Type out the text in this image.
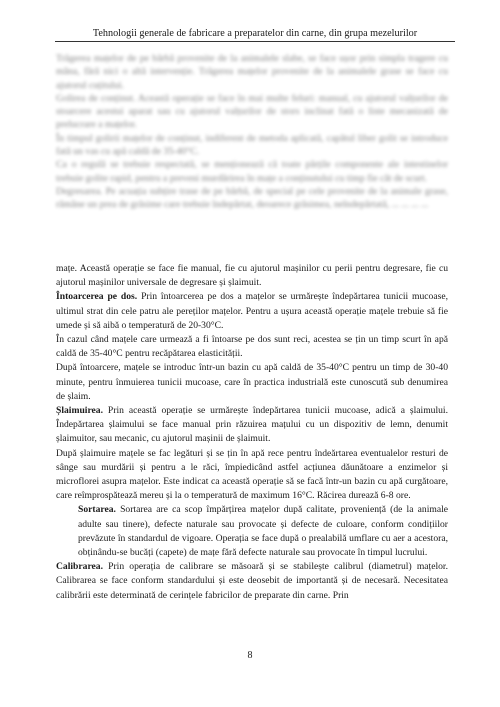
Tehnologii generale de fabricare a preparatelor din carne, din grupa mezelurilor

Trăgerea mațelor de pe bărbă provenite de la animalele slabe, se face ușor prin simpla tragere cu mâna, fără nici o altă intervenție. Trăgerea mațelor provenite de la animalele grase se face cu ajutorul cuțitului.

Golirea de conținut. Această operație se face în mai multe feluri: manual, cu ajutorul valțurilor de stoarcere acestui aparat sau cu ajutorul valțurilor de stors inclinat fată o liste mecanizată de prelucrare a mațelor.

În timpul golirii mațelor de conținut, indiferent de metoda aplicată, capătul liber golit se introduce fată un vas cu apă caldă de 35-40°C.

Ca o regulă se trebuie respectată, se menționează că toate părțile componente ale intestinelor trebuie golite rapid, pentru a preveni murdărirea în mațe a conținutului cu timp fie cât de scurt.

Degresarea. Pe acuația subțire trase de pe bărbă, de special pe cele provenite de la animale grase, rămâne un prea de grăsime care trebuie îndepărtat, deoarece grăsimea, neîndepărtată, ... ... ... ...

mațe. Această operație se face fie manual, fie cu ajutorul mașinilor cu perii pentru degresare, fie cu ajutorul mașinilor universale de degresare și șlaimuit.

Întoarcerea pe dos. Prin întoarcerea pe dos a mațelor se urmărește îndepărtarea tunicii mucoase, ultimul strat din cele patru ale pereților mațelor. Pentru a ușura această operație mațele trebuie să fie umede și să aibă o temperatură de 20-30°C.

În cazul când mațele care urmează a fi întoarse pe dos sunt reci, acestea se țin un timp scurt în apă caldă de 35-40°C pentru recăpătarea elasticității.

După întoarcere, mațele se introduc într-un bazin cu apă caldă de 35-40°C pentru un timp de 30-40 minute, pentru înmuierea tunicii mucoase, care în practica industrială este cunoscută sub denumirea de șlaim.

Șlaimuirea. Prin această operație se urmărește îndepărtarea tunicii mucoase, adică a șlaimului. Îndepărtarea șlaimului se face manual prin răzuirea mațului cu un dispozitiv de lemn, denumit șlaimuitor, sau mecanic, cu ajutorul mașinii de șlaimuit.

După șlaimuire mațele se fac legături și se țin în apă rece pentru îndeărtarea eventualelor resturi de sânge sau murdării și pentru a le răci, împiedicând astfel acțiunea dăunătoare a enzimelor și microflorei asupra mațelor. Este indicat ca această operație să se facă într-un bazin cu apă curgătoare, care reîmprospătează mereu și la o temperatură de maximum 16°C. Răcirea durează 6-8 ore.

Sortarea. Sortarea are ca scop împărțirea mațelor după calitate, proveniență (de la animale adulte sau tinere), defecte naturale sau provocate și defecte de culoare, conform condițiilor prevăzute în standardul de vigoare. Operația se face după o prealabilă umflare cu aer a acestora, obținându-se bucăți (capete) de mațe fără defecte naturale sau provocate în timpul lucrului.

Calibrarea. Prin operația de calibrare se măsoară și se stabilește calibrul (diametrul) mațelor. Calibrarea se face conform standardului și este deosebit de importantă și de necesară. Necesitatea calibrării este determinată de cerințele fabricilor de preparate din carne. Prin

8
